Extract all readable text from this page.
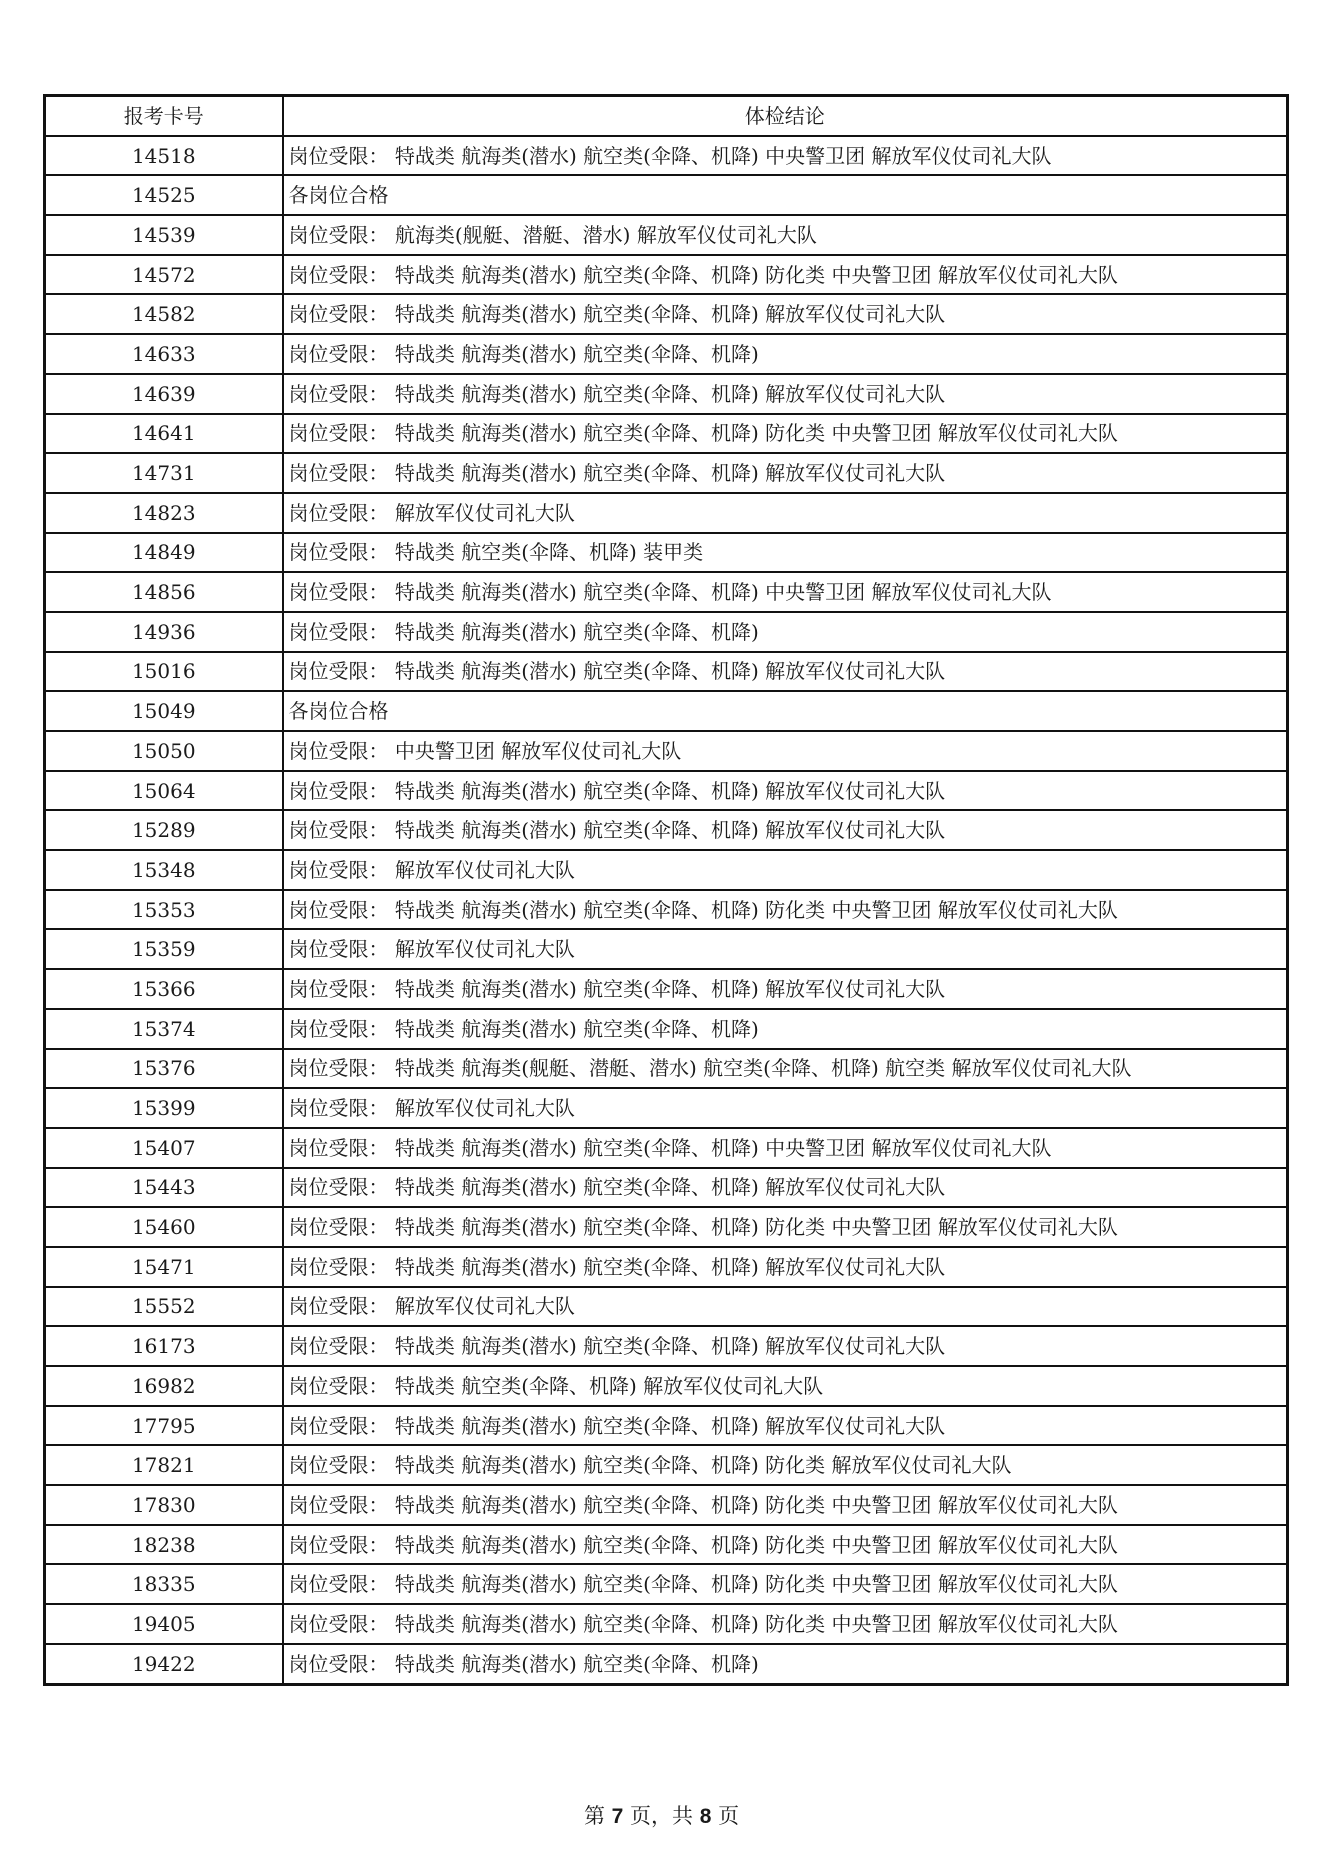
报考卡号	体检结论
14518	岗位受限： 特战类 航海类(潜水) 航空类(伞降、机降) 中央警卫团 解放军仪仗司礼大队
14525	各岗位合格
14539	岗位受限： 航海类(舰艇、潜艇、潜水) 解放军仪仗司礼大队
14572	岗位受限： 特战类 航海类(潜水) 航空类(伞降、机降) 防化类 中央警卫团 解放军仪仗司礼大队
14582	岗位受限： 特战类 航海类(潜水) 航空类(伞降、机降) 解放军仪仗司礼大队
14633	岗位受限： 特战类 航海类(潜水) 航空类(伞降、机降)
14639	岗位受限： 特战类 航海类(潜水) 航空类(伞降、机降) 解放军仪仗司礼大队
14641	岗位受限： 特战类 航海类(潜水) 航空类(伞降、机降) 防化类 中央警卫团 解放军仪仗司礼大队
14731	岗位受限： 特战类 航海类(潜水) 航空类(伞降、机降) 解放军仪仗司礼大队
14823	岗位受限： 解放军仪仗司礼大队
14849	岗位受限： 特战类 航空类(伞降、机降) 装甲类
14856	岗位受限： 特战类 航海类(潜水) 航空类(伞降、机降) 中央警卫团 解放军仪仗司礼大队
14936	岗位受限： 特战类 航海类(潜水) 航空类(伞降、机降)
15016	岗位受限： 特战类 航海类(潜水) 航空类(伞降、机降) 解放军仪仗司礼大队
15049	各岗位合格
15050	岗位受限： 中央警卫团 解放军仪仗司礼大队
15064	岗位受限： 特战类 航海类(潜水) 航空类(伞降、机降) 解放军仪仗司礼大队
15289	岗位受限： 特战类 航海类(潜水) 航空类(伞降、机降) 解放军仪仗司礼大队
15348	岗位受限： 解放军仪仗司礼大队
15353	岗位受限： 特战类 航海类(潜水) 航空类(伞降、机降) 防化类 中央警卫团 解放军仪仗司礼大队
15359	岗位受限： 解放军仪仗司礼大队
15366	岗位受限： 特战类 航海类(潜水) 航空类(伞降、机降) 解放军仪仗司礼大队
15374	岗位受限： 特战类 航海类(潜水) 航空类(伞降、机降)
15376	岗位受限： 特战类 航海类(舰艇、潜艇、潜水) 航空类(伞降、机降) 航空类 解放军仪仗司礼大队
15399	岗位受限： 解放军仪仗司礼大队
15407	岗位受限： 特战类 航海类(潜水) 航空类(伞降、机降) 中央警卫团 解放军仪仗司礼大队
15443	岗位受限： 特战类 航海类(潜水) 航空类(伞降、机降) 解放军仪仗司礼大队
15460	岗位受限： 特战类 航海类(潜水) 航空类(伞降、机降) 防化类 中央警卫团 解放军仪仗司礼大队
15471	岗位受限： 特战类 航海类(潜水) 航空类(伞降、机降) 解放军仪仗司礼大队
15552	岗位受限： 解放军仪仗司礼大队
16173	岗位受限： 特战类 航海类(潜水) 航空类(伞降、机降) 解放军仪仗司礼大队
16982	岗位受限： 特战类 航空类(伞降、机降) 解放军仪仗司礼大队
17795	岗位受限： 特战类 航海类(潜水) 航空类(伞降、机降) 解放军仪仗司礼大队
17821	岗位受限： 特战类 航海类(潜水) 航空类(伞降、机降) 防化类 解放军仪仗司礼大队
17830	岗位受限： 特战类 航海类(潜水) 航空类(伞降、机降) 防化类 中央警卫团 解放军仪仗司礼大队
18238	岗位受限： 特战类 航海类(潜水) 航空类(伞降、机降) 防化类 中央警卫团 解放军仪仗司礼大队
18335	岗位受限： 特战类 航海类(潜水) 航空类(伞降、机降) 防化类 中央警卫团 解放军仪仗司礼大队
19405	岗位受限： 特战类 航海类(潜水) 航空类(伞降、机降) 防化类 中央警卫团 解放军仪仗司礼大队
19422	岗位受限： 特战类 航海类(潜水) 航空类(伞降、机降)
第 7 页，共 8 页
